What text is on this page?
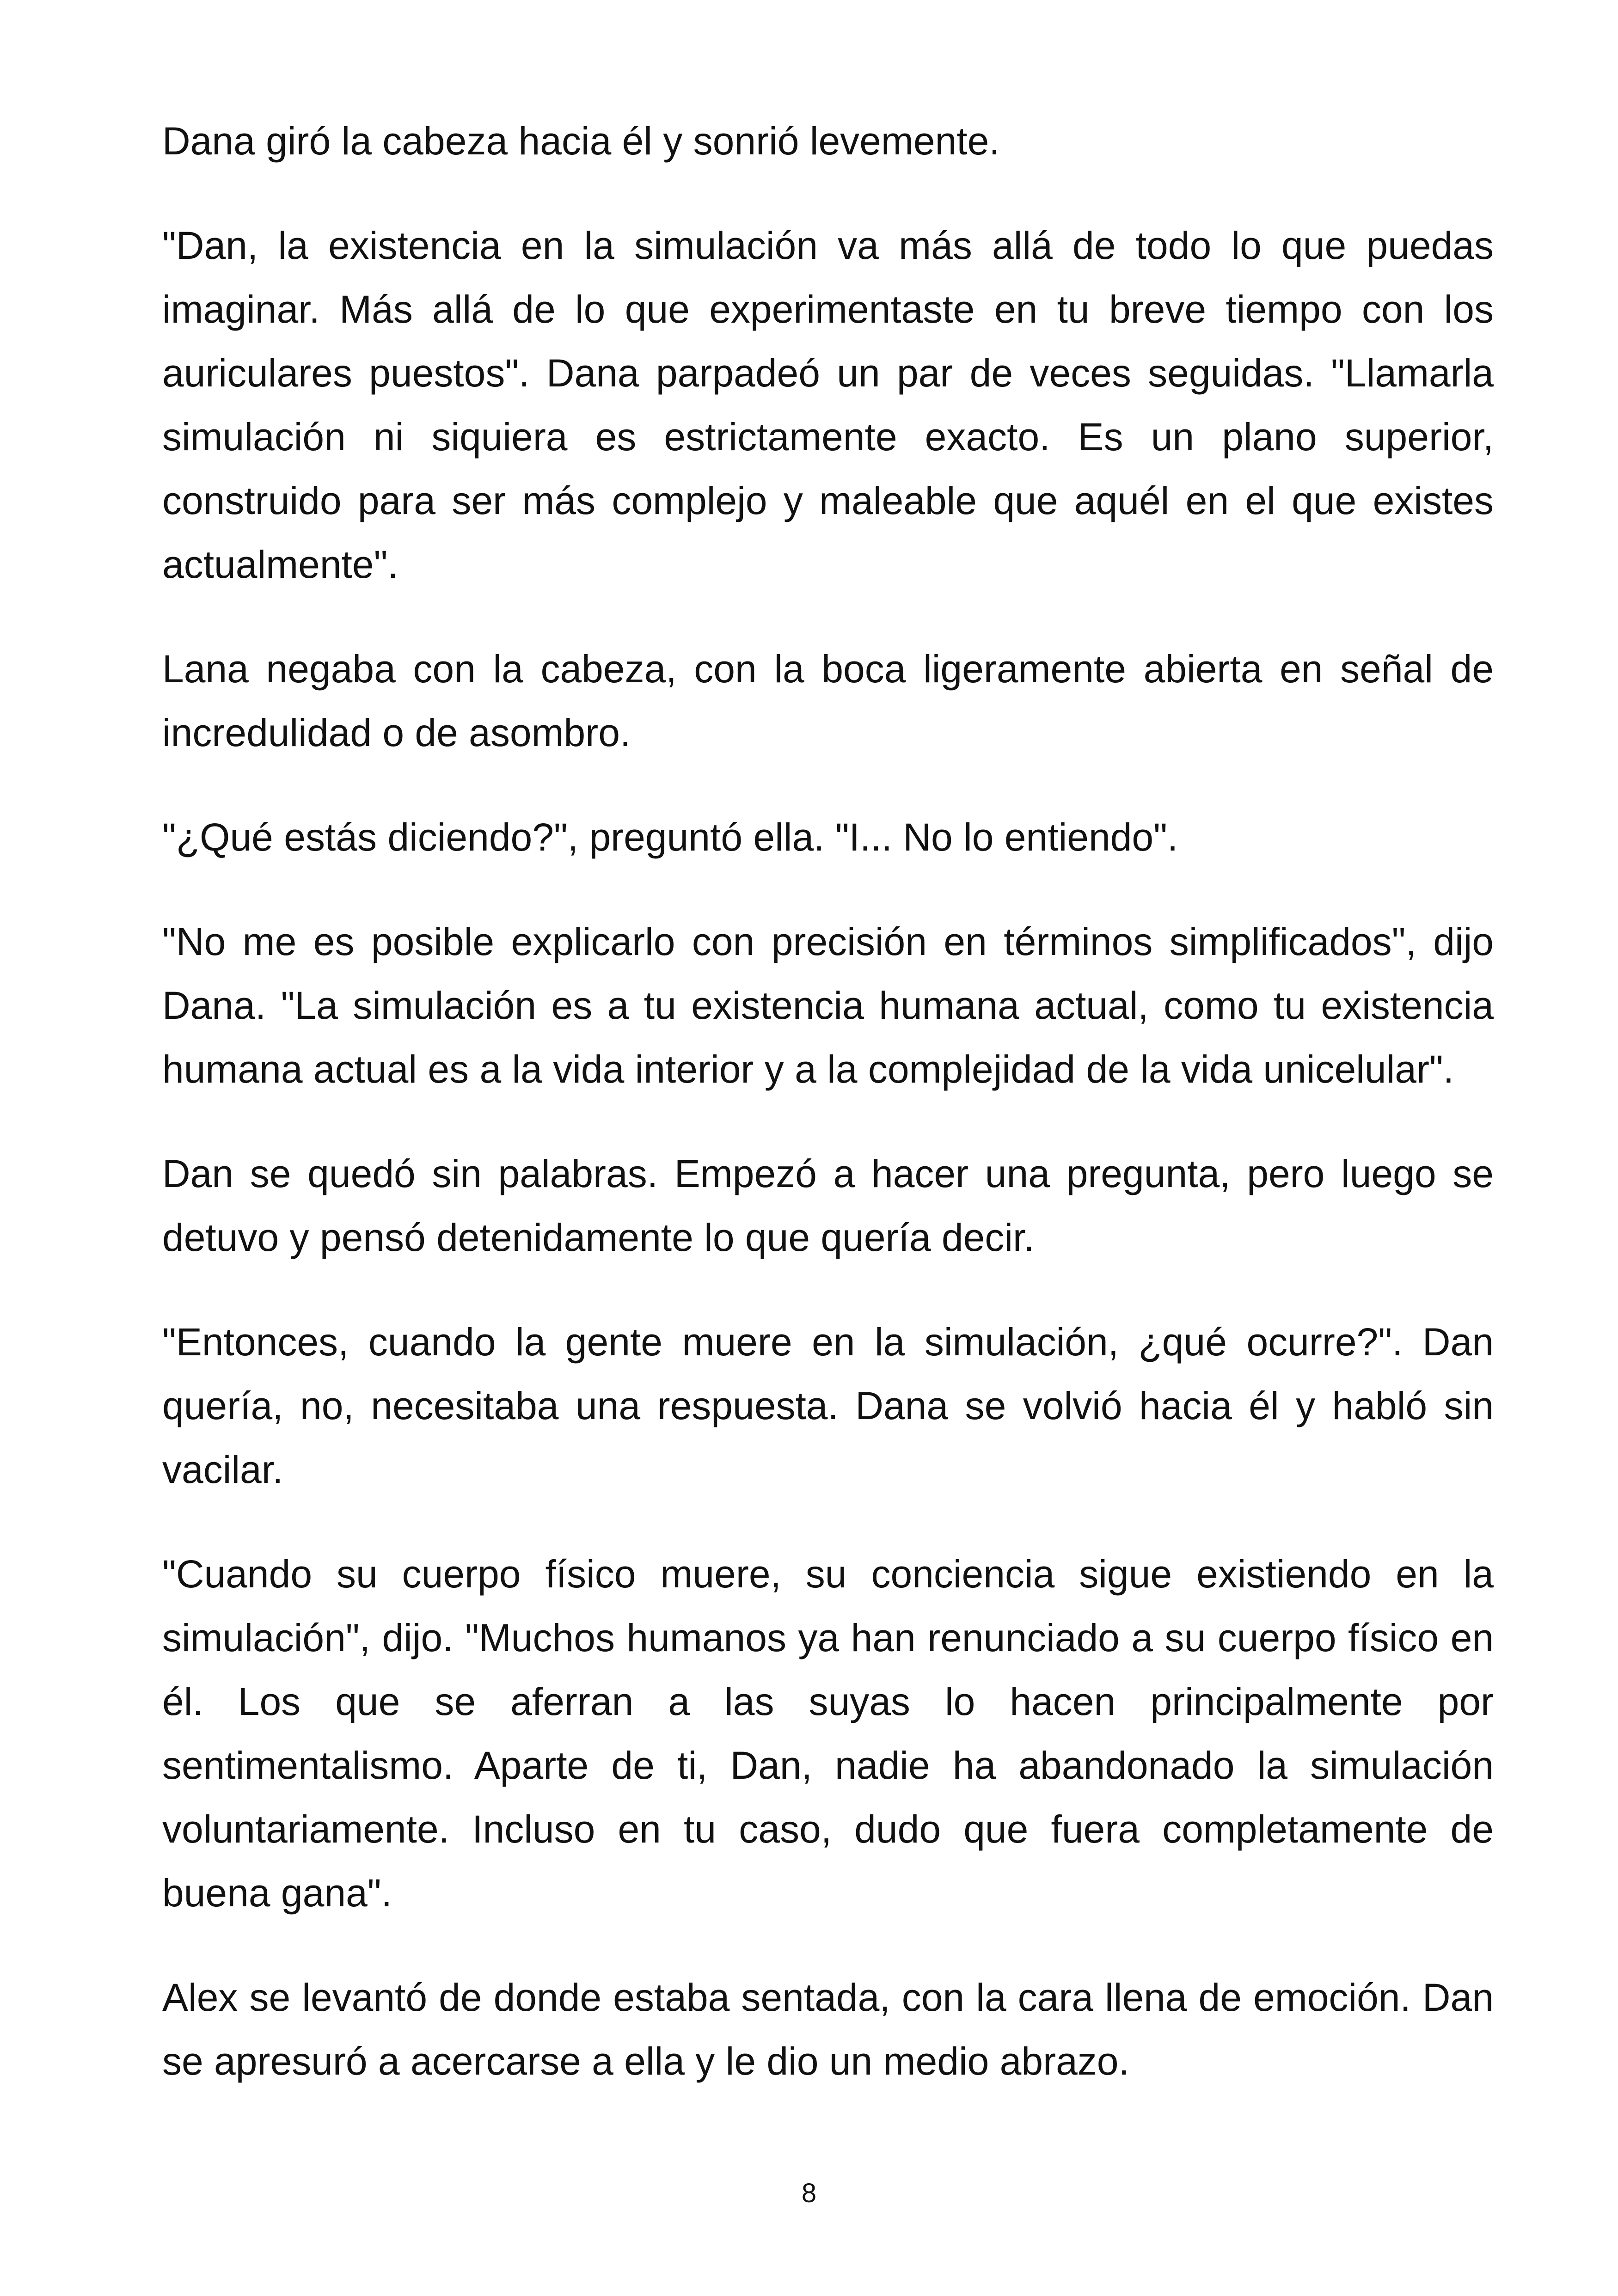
Dana giró la cabeza hacia él y sonrió levemente.

"Dan, la existencia en la simulación va más allá de todo lo que puedas imaginar. Más allá de lo que experimentaste en tu breve tiempo con los auriculares puestos". Dana parpadeó un par de veces seguidas. "Llamarla simulación ni siquiera es estrictamente exacto. Es un plano superior, construido para ser más complejo y maleable que aquél en el que existes actualmente".

Lana negaba con la cabeza, con la boca ligeramente abierta en señal de incredulidad o de asombro.

"¿Qué estás diciendo?", preguntó ella. "I... No lo entiendo".

"No me es posible explicarlo con precisión en términos simplificados", dijo Dana. "La simulación es a tu existencia humana actual, como tu existencia humana actual es a la vida interior y a la complejidad de la vida unicelular".

Dan se quedó sin palabras. Empezó a hacer una pregunta, pero luego se detuvo y pensó detenidamente lo que quería decir.

"Entonces, cuando la gente muere en la simulación, ¿qué ocurre?". Dan quería, no, necesitaba una respuesta. Dana se volvió hacia él y habló sin vacilar.

"Cuando su cuerpo físico muere, su conciencia sigue existiendo en la simulación", dijo. "Muchos humanos ya han renunciado a su cuerpo físico en él. Los que se aferran a las suyas lo hacen principalmente por sentimentalismo. Aparte de ti, Dan, nadie ha abandonado la simulación voluntariamente. Incluso en tu caso, dudo que fuera completamente de buena gana".

Alex se levantó de donde estaba sentada, con la cara llena de emoción. Dan se apresuró a acercarse a ella y le dio un medio abrazo.

8
